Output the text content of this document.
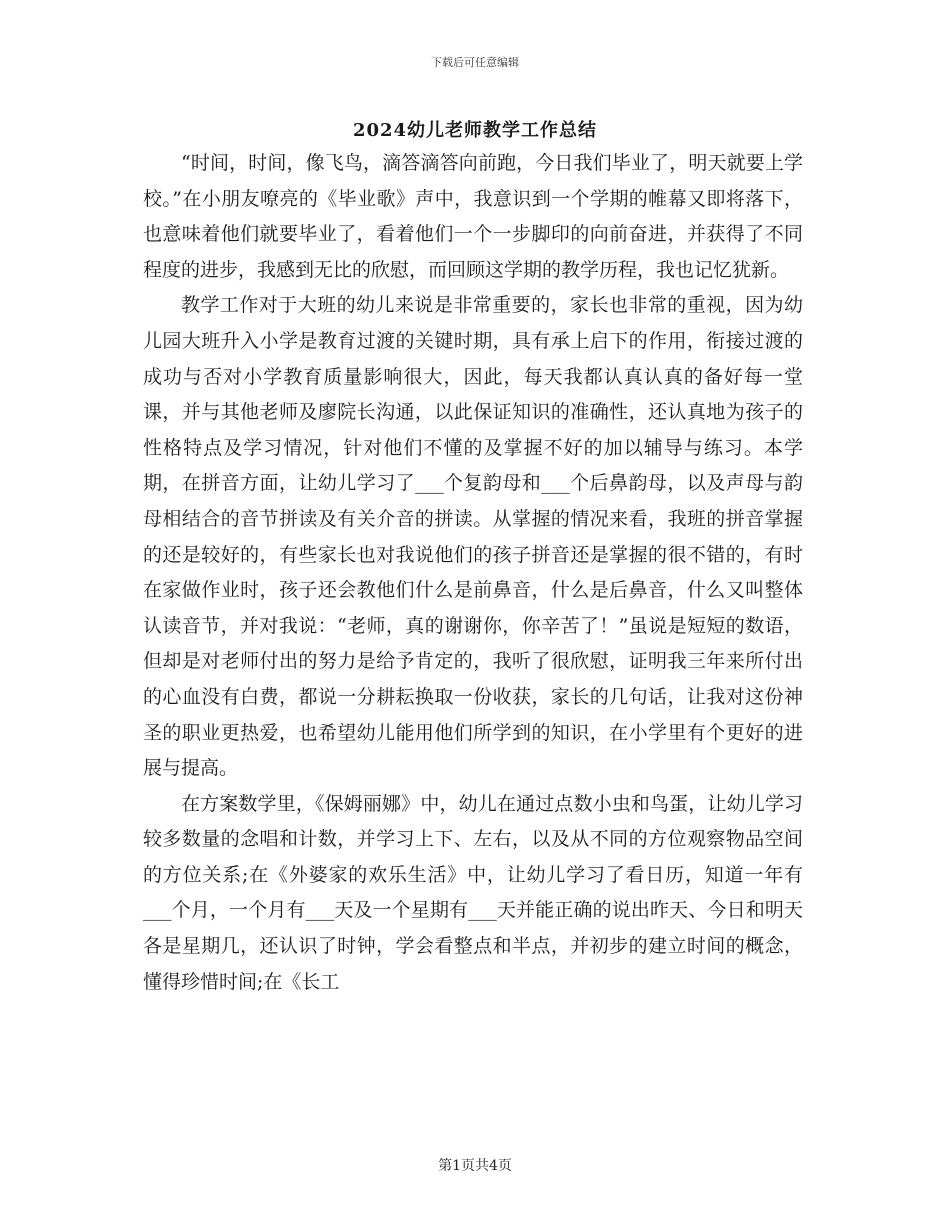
下载后可任意编辑
2024幼儿老师教学工作总结

“时间，时间，像飞鸟，滴答滴答向前跑，今日我们毕业了，明天就要上学校。”在小朋友嘹亮的《毕业歌》声中，我意识到一个学期的帷幕又即将落下，也意味着他们就要毕业了，看着他们一个一步脚印的向前奋进，并获得了不同程度的进步，我感到无比的欣慰，而回顾这学期的教学历程，我也记忆犹新。

教学工作对于大班的幼儿来说是非常重要的，家长也非常的重视，因为幼儿园大班升入小学是教育过渡的关键时期，具有承上启下的作用，衔接过渡的成功与否对小学教育质量影响很大，因此，每天我都认真认真的备好每一堂课，并与其他老师及廖院长沟通，以此保证知识的准确性，还认真地为孩子的性格特点及学习情况，针对他们不懂的及掌握不好的加以辅导与练习。本学期，在拼音方面，让幼儿学习了___个复韵母和___个后鼻韵母，以及声母与韵母相结合的音节拼读及有关介音的拼读。从掌握的情况来看，我班的拼音掌握的还是较好的，有些家长也对我说他们的孩子拼音还是掌握的很不错的，有时在家做作业时，孩子还会教他们什么是前鼻音，什么是后鼻音，什么又叫整体认读音节，并对我说：“老师，真的谢谢你，你辛苦了！”虽说是短短的数语，但却是对老师付出的努力是给予肯定的，我听了很欣慰，证明我三年来所付出的心血没有白费，都说一分耕耘换取一份收获，家长的几句话，让我对这份神圣的职业更热爱，也希望幼儿能用他们所学到的知识，在小学里有个更好的进展与提高。

在方案数学里，《保姆丽娜》中，幼儿在通过点数小虫和鸟蛋，让幼儿学习较多数量的念唱和计数，并学习上下、左右，以及从不同的方位观察物品空间的方位关系;在《外婆家的欢乐生活》中，让幼儿学习了看日历，知道一年有___个月，一个月有___天及一个星期有___天并能正确的说出昨天、今日和明天各是星期几，还认识了时钟，学会看整点和半点，并初步的建立时间的概念，懂得珍惜时间;在《长工

第1页共4页
